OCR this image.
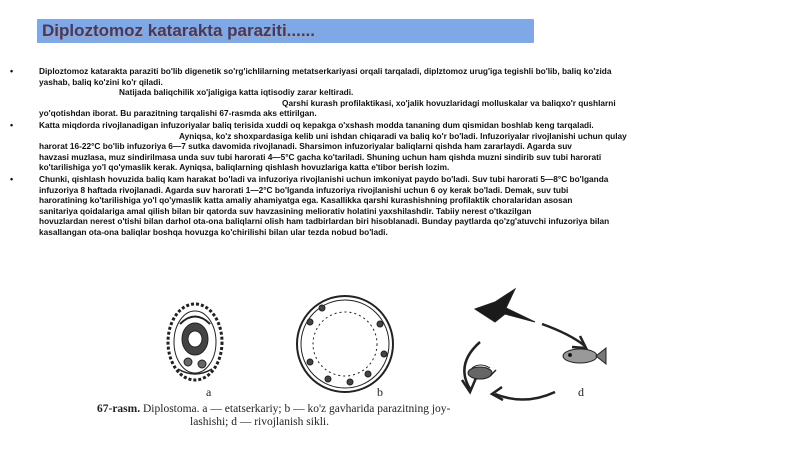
Diploztomoz katarakta paraziti......
•	Diploztomoz katarakta paraziti bo'lib digenetik so'rg'ichlilarning metatserkariyasi orqali tarqaladi, diplztomoz urug'iga tegishli bo'lib, baliq ko'zida
yashab, baliq ko'zini ko'r qiladi.
Natijada baliqchilik xo'jaligiga katta iqtisodiy zarar keltiradi.
Qarshi kurash profilaktikasi, xo'jalik hovuzlaridagi molluskalar va baliqxo'r qushlarni
yo'qotishdan iborat. Bu parazitning tarqalishi 67-rasmda aks ettirilgan.
•	Katta miqdorda rivojlanadigan infuzoriyalar baliq terisida xuddi oq kepakga o'xshash modda tananing dum qismidan boshlab keng tarqaladi.
Ayniqsa, ko'z shoxpardasiga kelib uni ishdan chiqaradi va baliq ko'r bo'ladi. Infuzoriyalar rivojlanishi uchun qulay
harorat 16-22°C bo'lib infuzoriya 6—7 sutka davomida rivojlanadi. Sharsimon infuzoriyalar baliqlarni qishda ham zararlaydi. Agarda suv
havzasi muzlasa, muz sindirilmasa unda suv tubi harorati 4—5°C gacha ko'tariladi. Shuning uchun ham qishda muzni sindirib suv tubi harorati
ko'tarilishiga yo'l qo'ymaslik kerak. Ayniqsa, baliqlarning qishlash hovuzlariga katta e'tibor berish lozim.
•	Chunki, qishlash hovuzida baliq kam harakat bo'ladi va infuzoriya rivojlanishi uchun imkoniyat paydo bo'ladi. Suv tubi harorati 5—8°C bo'lganda
infuzoriya 8 haftada rivojlanadi. Agarda suv harorati 1—2°C bo'lganda infuzoriya rivojlanishi uchun 6 oy kerak bo'ladi. Demak, suv tubi
haroratining ko'tarilishiga yo'l qo'ymaslik katta amaliy ahamiyatga ega. Kasallikka qarshi kurashishning profilaktik choralaridan asosan
sanitariya qoidalariga amal qilish bilan bir qatorda suv havzasining meliorativ holatini yaxshilashdir. Tabiiy nerest o'tkazilgan
hovuzlardan nerest o'tishi bilan darhol ota-ona baliqlarni olish ham tadbirlardan biri hisoblanadi. Bunday paytlarda qo'zg'atuvchi infuzoriya bilan
kasallangan ota-ona baliqlar boshqa hovuzga ko'chirilishi bilan ular tezda nobud bo'ladi.
a	b	d
67-rasm. Diplostoma. a — etatserkariy; b — ko'z gavharida parazitning joy-
lashishi; d — rivojlanish sikli.
